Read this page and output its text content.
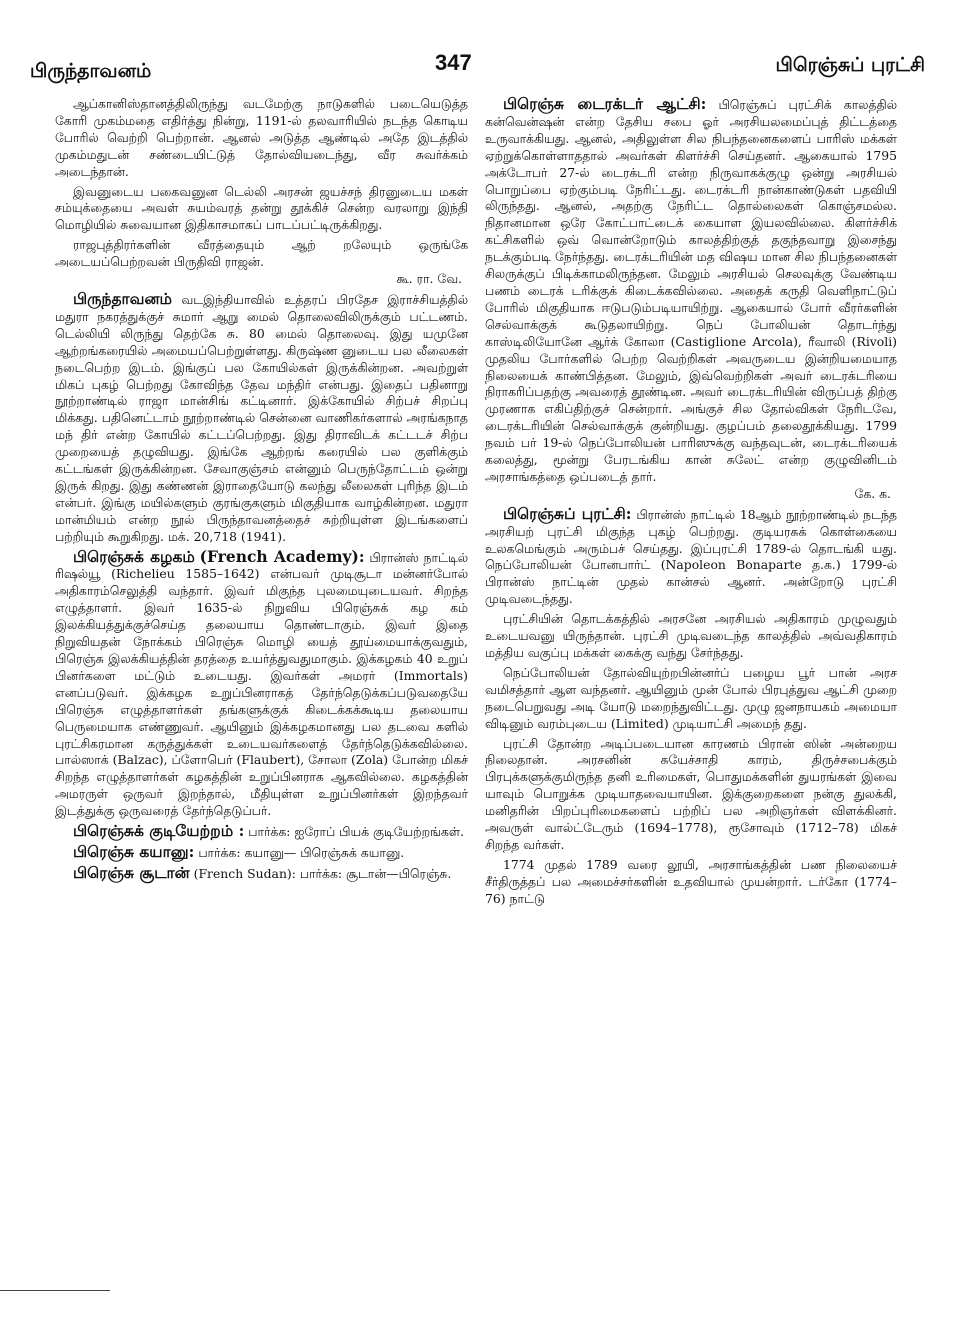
பிருந்தாவனம்	347	பிரெஞ்சுப் புரட்சி

ஆப்கானிஸ்தானத்திலிருந்து வடமேற்கு நாடுகளில் படையெடுத்த கோரி முகம்மதை எதிர்த்து நின்று, 1191-ல் தலவாரியில் நடந்த கொடிய போரில் வெற்றி பெற்றான். ஆனல் அடுத்த ஆண்டில் அதே இடத்தில் முகம்மதுடன் சண்டையிட்டுத் தோல்வியடைந்து, வீர சுவர்க்கம் அடைந்தான்.

இவனுடைய பகைவனுன டெல்லி அரசன் ஜயச்சந் திரனுடைய மகள் சம்யுக்தையை அவள் சுயம்வரத் தன்று தூக்கிச் சென்ற வரலாறு இந்தி மொழியில் சுவையான இதிகாசமாகப் பாடப்பட்டிருக்கிறது.

ராஜபுத்திரர்களின் வீரத்தையும் ஆற் றலேயும் ஒருங்கே அடையப்பெற்றவன் பிருதிவி ராஜன்.
கூ. ரா. வே.

பிருந்தாவனம் வடஇந்தியாவில் உத்தரப் பிரதேச இராச்சியத்தில் மதுரா நகரத்துக்குச் சுமார் ஆறு மைல் தொலைவிலிருக்கும் பட்டணம். டெல்லியி லிருந்து தெற்கே சு. 80 மைல் தொலைவு. இது யமுனே ஆற்றங்கரையில் அமையப்பெற்றுள்ளது. கிருஷ்ண னுடைய பல லீலைகள் நடைபெற்ற இடம். இங்குப் பல கோயில்கள் இருக்கின்றன. அவற்றுள் மிகப் புகழ் பெற்றது கோவிந்த தேவ மந்திர் என்பது. இதைப் பதினாறு நூற்றாண்டில் ராஜா மான்சிங் கட்டினார். இக்கோயில் சிற்பச் சிறப்பு மிக்கது. பதினெட்டாம் நூற்றாண்டில் சென்னை வாணிகர்களால் அரங்கநாத மந் திர் என்ற கோயில் கட்டப்பெற்றது. இது திராவிடக் கட்டடச் சிற்ப முறையைத் தழுவியது. இங்கே ஆற்றங் கரையில் பல குளிக்கும் கட்டங்கள் இருக்கின்றன. சேவாகுஞ்சம் என்னும் பெருந்தோட்டம் ஒன்று இருக் கிறது. இது கண்ணன் இராதையோடு கலந்து லீலைகள் புரிந்த இடம் என்பர். இங்கு மயில்களும் குரங்குகளும் மிகுதியாக வாழ்கின்றன. மதுரா மான்மியம் என்ற நூல் பிருந்தாவனத்தைச் சுற்றியுள்ள இடங்களைப் பற்றியும் கூறுகிறது. மக். 20,718 (1941).

பிரெஞ்சுக் கழகம் (French Academy): பிரான்ஸ் நாட்டில் ரிஷல்யூ (Richelieu 1585–1642) என்பவர் முடிசூடா மன்னர்போல் அதிகாரம்செலுத்தி வந்தார். இவர் மிகுந்த புலமையுடையவர். சிறந்த எழுத்தாளர். இவர் 1635-ல் நிறுவிய பிரெஞ்சுக் கழ கம் இலக்கியத்துக்குச்செய்த தலையாய தொண்டாகும். இவர் இதை நிறுவியதன் நோக்கம் பிரெஞ்சு மொழி யைத் தூய்மையாக்குவதும், பிரெஞ்சு இலக்கியத்தின் தரத்தை உயர்த்துவதுமாகும். இக்கழகம் 40 உறுப் பினர்களை மட்டும் உடையது. இவர்கள் அமரர் (Immortals) எனப்படுவர். இக்கழக உறுப்பினராகத் தேர்ந்தெடுக்கப்படுவதையே பிரெஞ்சு எழுத்தாளர்கள் தங்களுக்குக் கிடைக்கக்கூடிய தலையாய பெருமையாக எண்ணுவர். ஆயினும் இக்கழகமானது பல தடவை களில் புரட்சிகரமான கருத்துக்கள் உடையவர்களைத் தேர்ந்தெடுக்கவில்லை. பால்ஸாக் (Balzac), ப்ளோபெர் (Flaubert), சோலா (Zola) போன்ற மிகச் சிறந்த எழுத்தாளர்கள் கழகத்தின் உறுப்பினராக ஆகவில்லை. கழகத்தின் அமரருள் ஒருவர் இறந்தால், மீதியுள்ள உறுப்பினர்கள் இறந்தவர் இடத்துக்கு ஒருவரைத் தேர்ந்தெடுப்பர்.

பிரெஞ்சுக் குடியேற்றம் : பார்க்க: ஐரோப் பியக் குடியேற்றங்கள்.

பிரெஞ்சு கயானு: பார்க்க: கயானு— பிரெஞ்சுக் கயானு.

பிரெஞ்சு சூடான் (French Sudan): பார்க்க: சூடான்—பிரெஞ்சு.

பிரெஞ்சு டைரக்டர் ஆட்சி: பிரெஞ்சுப் புரட்சிக் காலத்தில் கன்வென்ஷன் என்ற தேசிய சபை ஓர் அரசியலமைப்புத் திட்டத்தை உருவாக்கியது. ஆனல், அதிலுள்ள சில நிபந்தனைகளைப் பாரிஸ் மக்கள் ஏற்றுக்கொள்ளாததால் அவர்கள் கிளர்ச்சி செய்தனர். ஆகையால் 1795 அக்டோபர் 27-ல் டைரக்டரி என்ற நிருவாகக்குழு ஒன்று அரசியல் பொறுப்பை ஏற்கும்படி நேரிட்டது. டைரக்டரி நான்காண்டுகள் பதவியி லிருந்தது. ஆனல், அதற்கு நேரிட்ட தொல்லைகள் கொஞ்சமல்ல. நிதானமான ஒரே கோட்பாட்டைக் கையாள இயலவில்லை. கிளர்ச்சிக் கட்சிகளில் ஒவ் வொன்றோடும் காலத்திற்குத் தகுந்தவாறு இசைந்து நடக்கும்படி நேர்ந்தது. டைரக்டரியின் மத விஷய மான சில நிபந்தனைகள் சிலருக்குப் பிடிக்காமலிருந்தன. மேலும் அரசியல் செலவுக்கு வேண்டிய பணம் டைரக் டரிக்குக் கிடைக்கவில்லை. அதைக் கருதி வெளிநாட்டுப் போரில் மிகுதியாக ஈடுபடும்படியாயிற்று. ஆகையால் போர் வீரர்களின் செல்வாக்குக் கூடுதலாயிற்று. நெப் போலியன் தொடர்ந்து காஸ்டிலியோனே ஆர்க் கோலா (Castiglione Arcola), ரீவாலி (Rivoli) முதலிய போர்களில் பெற்ற வெற்றிகள் அவருடைய இன்றியமையாத நிலையைக் காண்பித்தன. மேலும், இவ்வெற்றிகள் அவர் டைரக்டரியை நிராகரிப்பதற்கு அவரைத் தூண்டின. அவர் டைரக்டரியின் விருப்பத் திற்கு முரணாக எகிப்திற்குச் சென்றார். அங்குச் சில தோல்விகள் நேரிடவே, டைரக்டரியின் செல்வாக்குக் குன்றியது. குழப்பம் தலைதூக்கியது. 1799 நவம் பர் 19-ல் நெப்போலியன் பாரிஸுக்கு வந்தவுடன், டைரக்டரியைக் கலைத்து, மூன்று பேரடங்கிய கான் சுலேட் என்ற குழுவினிடம் அரசாங்கத்தை ஒப்படைத் தார்.
கே. க.

பிரெஞ்சுப் புரட்சி: பிரான்ஸ் நாட்டில் 18ஆம் நூற்றாண்டில் நடந்த அரசியற் புரட்சி மிகுந்த புகழ் பெற்றது. குடியரசுக் கொள்கையை உலகமெங்கும் அரும்பச் செய்தது. இப்புரட்சி 1789-ல் தொடங்கி யது. நெப்போலியன் போனபார்ட் (Napoleon Bonaparte த.க.) 1799-ல் பிரான்ஸ் நாட்டின் முதல் கான்சல் ஆனர். அன்றோடு புரட்சி முடிவடைந்தது.

புரட்சியின் தொடக்கத்தில் அரசனே அரசியல் அதிகாரம் முழுவதும் உடையவனு யிருந்தான். புரட்சி முடிவடைந்த காலத்தில் அவ்வதிகாரம் மத்திய வகுப்பு மக்கள் கைக்கு வந்து சேர்ந்தது.

நெப்போலியன் தோல்வியுற்றபின்னர்ப் பழைய பூர் பான் அரச வமிசத்தார் ஆள வந்தனர். ஆயினும் முன் போல் பிரபுத்துவ ஆட்சி முறை நடைபெறுவது அடி யோடு மறைந்துவிட்டது. முழு ஜனநாயகம் அமையா விடினும் வரம்புடைய (Limited) முடியாட்சி அமைந் தது.

புரட்சி தோன்ற அடிப்படையான காரணம் பிரான் ஸின் அன்றைய நிலைதான். அரசனின் சுயேச்சாதி காரம், திருச்சபைக்கும் பிரபுக்களுக்குமிருந்த தனி உரிமைகள், பொதுமக்களின் துயரங்கள் இவை யாவும் பொறுக்க முடியாதவையாயின. இக்குறைகளை நன்கு துலக்கி, மனிதரின் பிறப்புரிமைகளைப் பற்றிப் பல அறிஞர்கள் விளக்கினர். அவருள் வால்ட்டேரும் (1694–1778), ரூசோவும் (1712–78) மிகச் சிறந்த வர்கள்.

1774 முதல் 1789 வரை லூயி, அரசாங்கத்தின் பண நிலையைச் சீர்திருத்தப் பல அமைச்சர்களின் உதவியால் முயன்றார். டர்கோ (1774–76) நாட்டு
